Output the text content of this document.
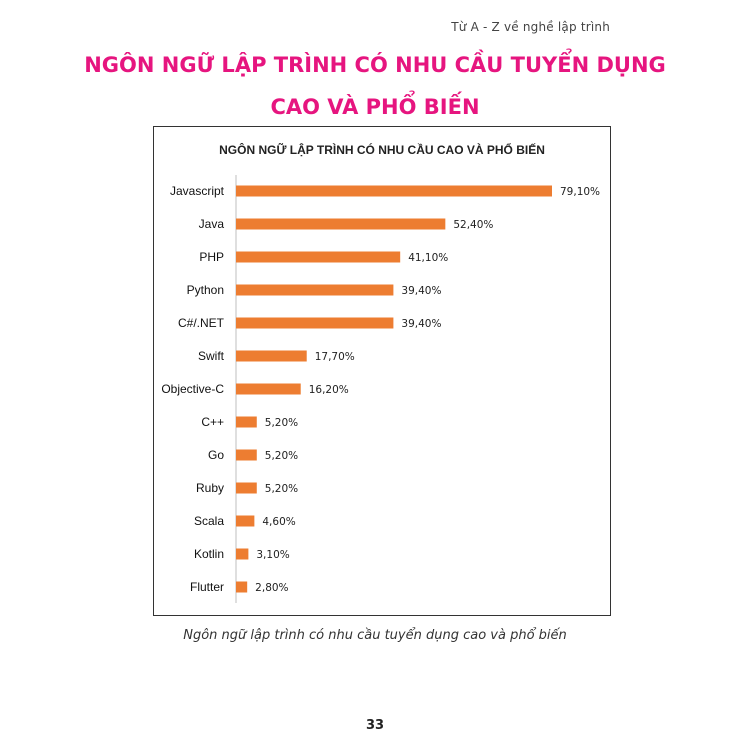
Từ A - Z về nghề lập trình
NGÔN NGỮ LẬP TRÌNH CÓ NHU CẦU TUYỂN DỤNG
CAO VÀ PHỔ BIẾN
NGÔN NGỮ LẬP TRÌNH CÓ NHU CẦU CAO VÀ PHỔ BIẾN
Javascript	79,10%
Java	52,40%
PHP	41,10%
Python	39,40%
C#/.NET	39,40%
Swift	17,70%
Objective-C	16,20%
C++	5,20%
Go	5,20%
Ruby	5,20%
Scala	4,60%
Kotlin	3,10%
Flutter	2,80%
Ngôn ngữ lập trình có nhu cầu tuyển dụng cao và phổ biến
33
